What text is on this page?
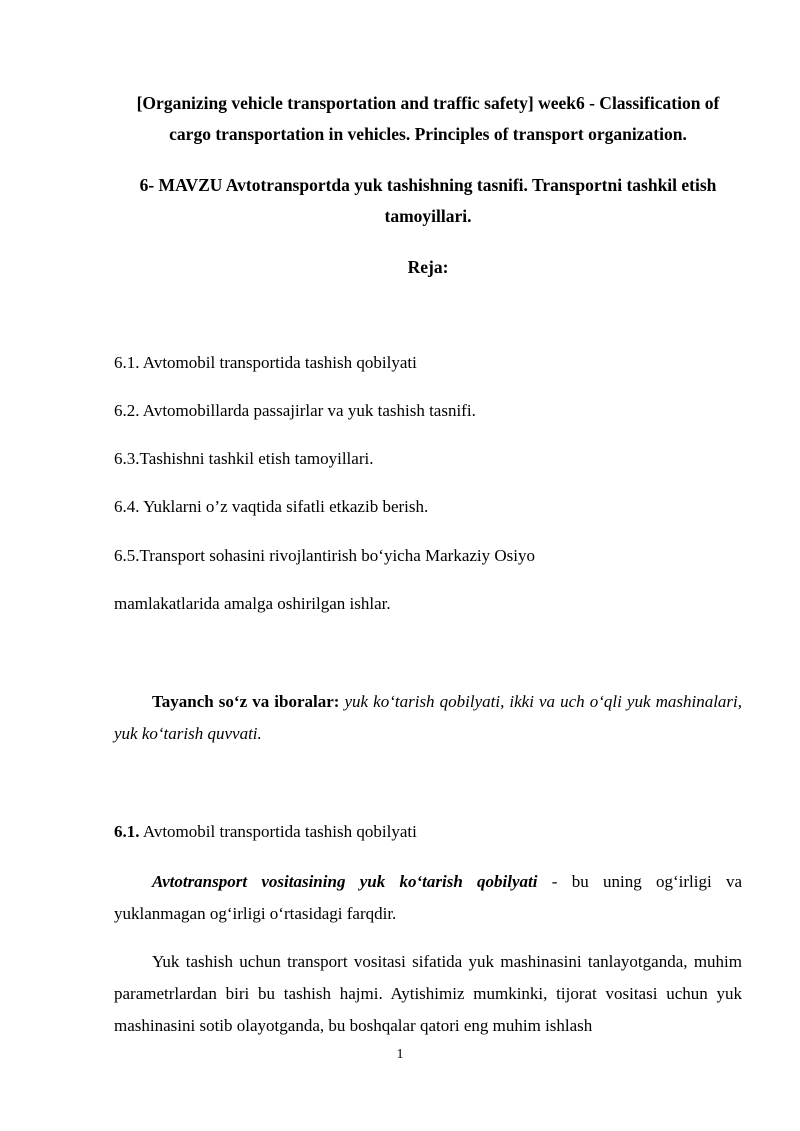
[Organizing vehicle transportation and traffic safety] week6 - Classification of
cargo transportation in vehicles. Principles of transport organization.
6- MAVZU Avtotransportda yuk tashishning tasnifi. Transportni tashkil etish
tamoyillari.
Reja:
6.1. Avtomobil transportida tashish qobilyati
6.2. Avtomobillarda passajirlar va yuk tashish tasnifi.
6.3.Tashishni tashkil etish tamoyillari.
6.4. Yuklarni o’z vaqtida sifatli etkazib berish.
6.5.Transport sohasini rivojlantirish bo‘yicha Markaziy Osiyo
mamlakatlarida amalga oshirilgan ishlar.
Tayanch so‘z va iboralar: yuk ko‘tarish qobilyati, ikki va uch o‘qli yuk mashinalari, yuk ko‘tarish quvvati.
6.1. Avtomobil transportida tashish qobilyati
Avtotransport vositasining yuk ko‘tarish qobilyati - bu uning og‘irligi va yuklanmagan og‘irligi o‘rtasidagi farqdir.
Yuk tashish uchun transport vositasi sifatida yuk mashinasini tanlayotganda, muhim parametrlardan biri bu tashish hajmi. Aytishimiz mumkinki, tijorat vositasi uchun yuk mashinasini sotib olayotganda, bu boshqalar qatori eng muhim ishlash
1
